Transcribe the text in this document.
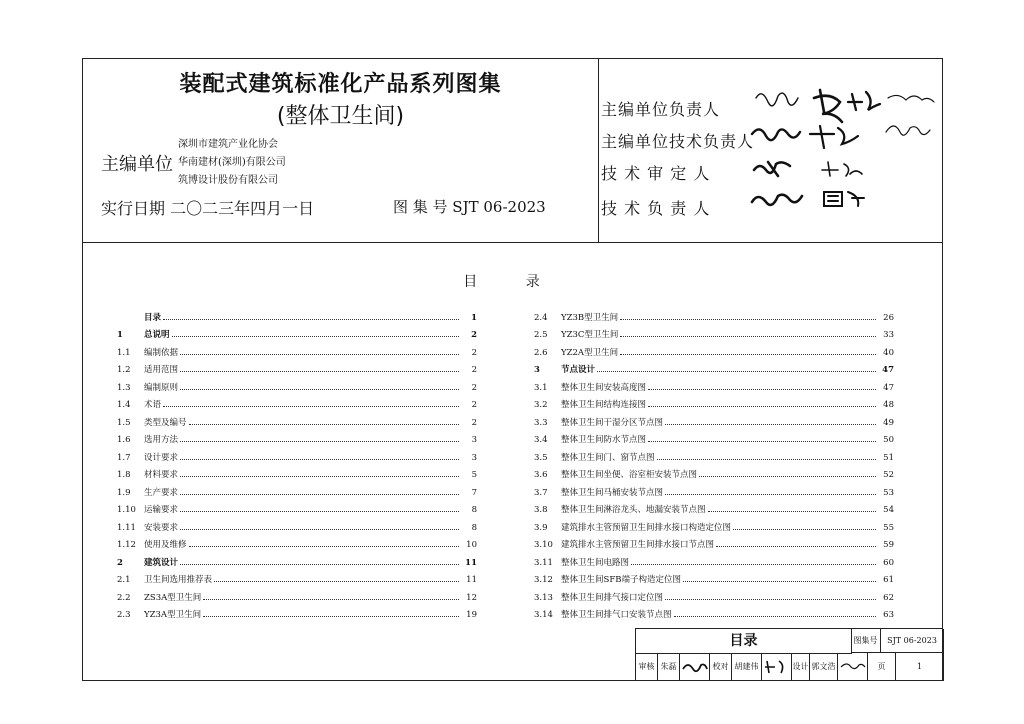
装配式建筑标准化产品系列图集
(整体卫生间)
主编单位
深圳市建筑产业化协会
华南建材(深圳)有限公司
筑博设计股份有限公司
实行日期 二〇二三年四月一日	图 集 号 SJT 06-2023
主编单位负责人
主编单位技术负责人
技 术 审 定 人
技 术 负 责 人
目 录
目录	1
1	总说明	2
1.1	编制依据	2
1.2	适用范围	2
1.3	编制原则	2
1.4	术语	2
1.5	类型及编号	2
1.6	选用方法	3
1.7	设计要求	3
1.8	材料要求	5
1.9	生产要求	7
1.10 运输要求	8
1.11 安装要求	8
1.12 使用及维修	10
2	建筑设计	11
2.1	卫生间选用推荐表	11
2.2	ZS3A型卫生间	12
2.3	YZ3A型卫生间	19
2.4	YZ3B型卫生间	26
2.5	YZ3C型卫生间	33
2.6	YZ2A型卫生间	40
3	节点设计	47
3.1	整体卫生间安装高度图	47
3.2	整体卫生间结构连接图	48
3.3	整体卫生间干湿分区节点图	49
3.4	整体卫生间防水节点图	50
3.5	整体卫生间门、窗节点图	51
3.6	整体卫生间坐便、浴室柜安装节点图	52
3.7	整体卫生间马桶安装节点图	53
3.8	整体卫生间淋浴龙头、地漏安装节点图	54
3.9	建筑排水主管预留卫生间排水接口构造定位图	55
3.10 建筑排水主管预留卫生间排水接口节点图	59
3.11 整体卫生间电路图	60
3.12 整体卫生间SFB端子构造定位图	61
3.13 整体卫生间排气接口定位图	62
3.14 整体卫生间排气口安装节点图	63
目录	图集号	SJT 06-2023
审核 朱磊	校对 胡建伟	设计 郭文浩	页	1
